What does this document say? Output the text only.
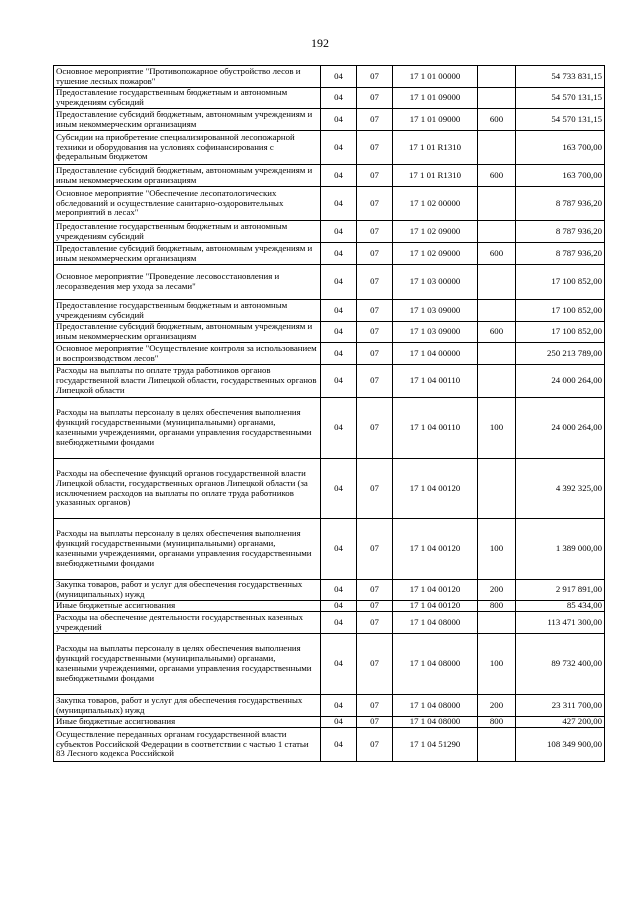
192
Основное мероприятие "Противопожарное обустройство лесов и тушение лесных пожаров"	04	07	17 1 01 00000		54 733 831,15
Предоставление государственным бюджетным и автономным учреждениям субсидий	04	07	17 1 01 09000		54 570 131,15
Предоставление субсидий бюджетным, автономным учреждениям и иным некоммерческим организациям	04	07	17 1 01 09000	600	54 570 131,15
Субсидии на приобретение специализированной лесопожарной техники и оборудования на условиях софинансирования с федеральным бюджетом	04	07	17 1 01 R1310		163 700,00
Предоставление субсидий бюджетным, автономным учреждениям и иным некоммерческим организациям	04	07	17 1 01 R1310	600	163 700,00
Основное мероприятие "Обеспечение лесопатологических обследований и осуществление санитарно-оздоровительных мероприятий в лесах"	04	07	17 1 02 00000		8 787 936,20
Предоставление государственным бюджетным и автономным учреждениям субсидий	04	07	17 1 02 09000		8 787 936,20
Предоставление субсидий бюджетным, автономным учреждениям и иным некоммерческим организациям	04	07	17 1 02 09000	600	8 787 936,20
Основное мероприятие "Проведение лесовосстановления и лесоразведения мер ухода за лесами"	04	07	17 1 03 00000		17 100 852,00
Предоставление государственным бюджетным и автономным учреждениям субсидий	04	07	17 1 03 09000		17 100 852,00
Предоставление субсидий бюджетным, автономным учреждениям и иным некоммерческим организациям	04	07	17 1 03 09000	600	17 100 852,00
Основное мероприятие "Осуществление контроля за использованием и воспроизводством лесов"	04	07	17 1 04 00000		250 213 789,00
Расходы на выплаты по оплате труда работников органов государственной власти Липецкой области, государственных органов Липецкой области	04	07	17 1 04 00110		24 000 264,00
Расходы на выплаты персоналу в целях обеспечения выполнения функций государственными (муниципальными) органами, казенными учреждениями, органами управления государственными внебюджетными фондами	04	07	17 1 04 00110	100	24 000 264,00
Расходы на обеспечение функций органов государственной власти Липецкой области, государственных органов Липецкой области (за исключением расходов на выплаты по оплате труда работников указанных органов)	04	07	17 1 04 00120		4 392 325,00
Расходы на выплаты персоналу в целях обеспечения выполнения функций государственными (муниципальными) органами, казенными учреждениями, органами управления государственными внебюджетными фондами	04	07	17 1 04 00120	100	1 389 000,00
Закупка товаров, работ и услуг для обеспечения государственных (муниципальных) нужд	04	07	17 1 04 00120	200	2 917 891,00
Иные бюджетные ассигнования	04	07	17 1 04 00120	800	85 434,00
Расходы на обеспечение деятельности государственных казенных учреждений	04	07	17 1 04 08000		113 471 300,00
Расходы на выплаты персоналу в целях обеспечения выполнения функций государственными (муниципальными) органами, казенными учреждениями, органами управления государственными внебюджетными фондами	04	07	17 1 04 08000	100	89 732 400,00
Закупка товаров, работ и услуг для обеспечения государственных (муниципальных) нужд	04	07	17 1 04 08000	200	23 311 700,00
Иные бюджетные ассигнования	04	07	17 1 04 08000	800	427 200,00
Осуществление переданных органам государственной власти субъектов Российской Федерации в соответствии с частью 1 статьи 83 Лесного кодекса Российской	04	07	17 1 04 51290		108 349 900,00
